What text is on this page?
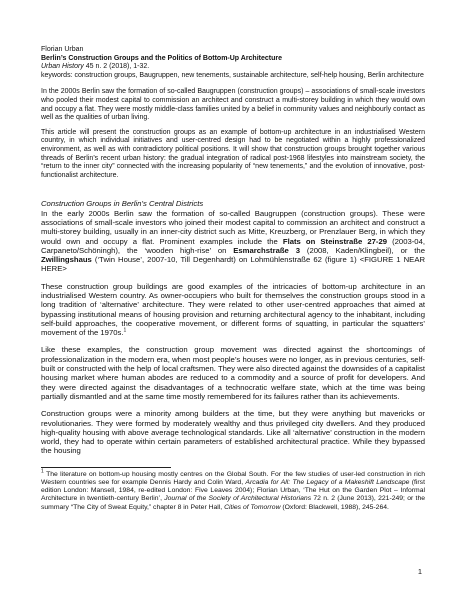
Florian Urban

Berlin’s Construction Groups and the Politics of Bottom-Up Architecture

Urban History 45 n. 2 (2018), 1-32.

keywords: construction groups, Baugruppen, new tenements, sustainable architecture, self-help housing, Berlin architecture

In the 2000s Berlin saw the formation of so-called Baugruppen (construction groups) – associations of small-scale investors who pooled their modest capital to commission an architect and construct a multi-storey building in which they would own and occupy a flat. They were mostly middle-class families united by a belief in community values and neighbourly contact as well as the qualities of urban living.

This article will present the construction groups as an example of bottom-up architecture in an industrialised Western country, in which individual initiatives and user-centred design had to be negotiated within a highly professionalized environment, as well as with contradictory political positions. It will show that construction groups brought together various threads of Berlin’s recent urban history: the gradual integration of radical post-1968 lifestyles into mainstream society, the “return to the inner city” connected with the increasing popularity of “new tenements,” and the evolution of innovative, post-functionalist architecture.

Construction Groups in Berlin’s Central Districts

In the early 2000s Berlin saw the formation of so-called Baugruppen (construction groups). These were associations of small-scale investors who joined their modest capital to commission an architect and construct a multi-storey building, usually in an inner-city district such as Mitte, Kreuzberg, or Prenzlauer Berg, in which they would own and occupy a flat. Prominent examples include the Flats on Steinstraße 27-29 (2003-04, Carpaneto/Schöningh), the ‘wooden high-rise’ on Esmarchstraße 3 (2008, Kaden/Klingbeil), or the Zwillingshaus (‘Twin House’, 2007-10, Till Degenhardt) on Lohmühlenstraße 62 (figure 1) <FIGURE 1 NEAR HERE>

These construction group buildings are good examples of the intricacies of bottom-up architecture in an industrialised Western country. As owner-occupiers who built for themselves the construction groups stood in a long tradition of ‘alternative’ architecture. They were related to other user-centred approaches that aimed at bypassing institutional means of housing provision and returning architectural agency to the inhabitant, including self-build approaches, the cooperative movement, or different forms of squatting, in particular the squatters’ movement of the 1970s.$^1$

Like these examples, the construction group movement was directed against the shortcomings of professionalization in the modern era, when most people’s houses were no longer, as in previous centuries, self-built or constructed with the help of local craftsmen. They were also directed against the downsides of a capitalist housing market where human abodes are reduced to a commodity and a source of profit for developers. And they were directed against the disadvantages of a technocratic welfare state, which at the time was being partially dismantled and at the same time mostly remembered for its failures rather than its achievements.

Construction groups were a minority among builders at the time, but they were anything but mavericks or revolutionaries. They were formed by moderately wealthy and thus privileged city dwellers. And they produced high-quality housing with above average technological standards. Like all ‘alternative’ construction in the modern world, they had to operate within certain parameters of established architectural practice. While they bypassed the housing

$^1$ The literature on bottom-up housing mostly centres on the Global South. For the few studies of user-led construction in rich Western countries see for example Dennis Hardy and Colin Ward, Arcadia for All: The Legacy of a Makeshift Landscape (first edition London: Mansell, 1984, re-edited London: Five Leaves 2004); Florian Urban, ‘The Hut on the Garden Plot – Informal Architecture in twentieth-century Berlin’, Journal of the Society of Architectural Historians 72 n. 2 (June 2013), 221-249; or the summary “The City of Sweat Equity,” chapter 8 in Peter Hall, Cities of Tomorrow (Oxford: Blackwell, 1988), 245-264.

1
